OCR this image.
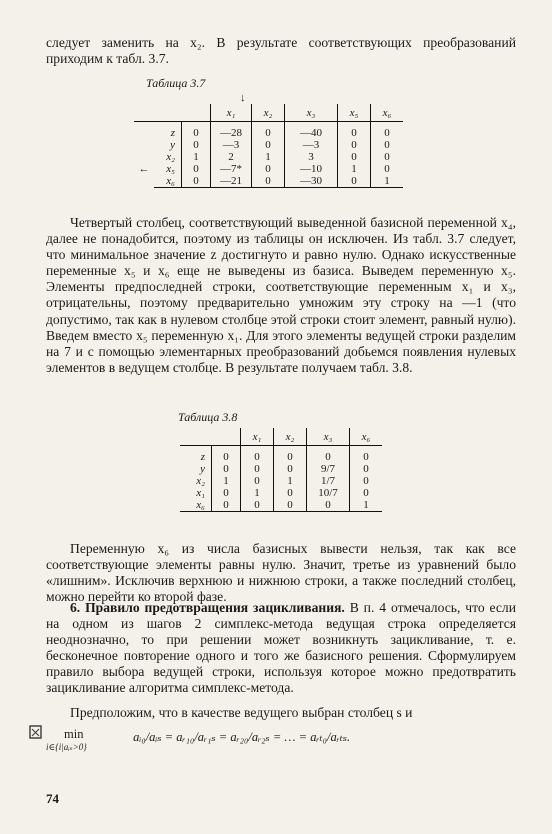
следует заменить на x₂. В результате соответствующих преобразований приходим к табл. 3.7.
Таблица 3.7
↓
			x₁	x₂	x₃	x₅	x₆
	z	0	—28	0	—40	0	0
	y	0	—3	0	—3	0	0
	x₂	1	2	1	3	0	0
←	x₅	0	—7*	0	—10	1	0
	x₆	0	—21	0	—30	0	1
Четвертый столбец, соответствующий выведенной базисной переменной x₄, далее не понадобится, поэтому из таблицы он исключен. Из табл. 3.7 следует, что минимальное значение z достигнуто и равно нулю. Однако искусственные переменные x₅ и x₆ еще не выведены из базиса. Выведем переменную x₅. Элементы предпоследней строки, соответствующие переменным x₁ и x₃, отрицательны, поэтому предварительно умножим эту строку на —1 (что допустимо, так как в нулевом столбце этой строки стоит элемент, равный нулю). Введем вместо x₅ переменную x₁. Для этого элементы ведущей строки разделим на 7 и с помощью элементарных преобразований добьемся появления нулевых элементов в ведущем столбце. В результате получаем табл. 3.8.
Таблица 3.8
		x₁	x₂	x₃	x₆
z	0	0	0	0	0
y	0	0	0	9/7	0
x₂	1	0	1	1/7	0
x₁	0	1	0	10/7	0
x₆	0	0	0	0	1
Переменную x₆ из числа базисных вывести нельзя, так как все соответствующие элементы равны нулю. Значит, третье из уравнений было «лишним». Исключив верхнюю и нижнюю строки, а также последний столбец, можно перейти ко второй фазе.
6. Правило предотвращения зацикливания. В п. 4 отмечалось, что если на одном из шагов 2 симплекс-метода ведущая строка определяется неоднозначно, то при решении может возникнуть зацикливание, т. е. бесконечное повторение одного и того же базисного решения. Сформулируем правило выбора ведущей строки, используя которое можно предотвратить зацикливание алгоритма симплекс-метода.
Предположим, что в качестве ведущего выбран столбец s и
min
i∈{i|aᵢₛ>0}
aᵢ₀/aᵢₛ = aᵣ₁₀/aᵣ₁ₛ = aᵣ₂₀/aᵣ₂ₛ = … = aᵣₜ₀/aᵣₜₛ.
74
